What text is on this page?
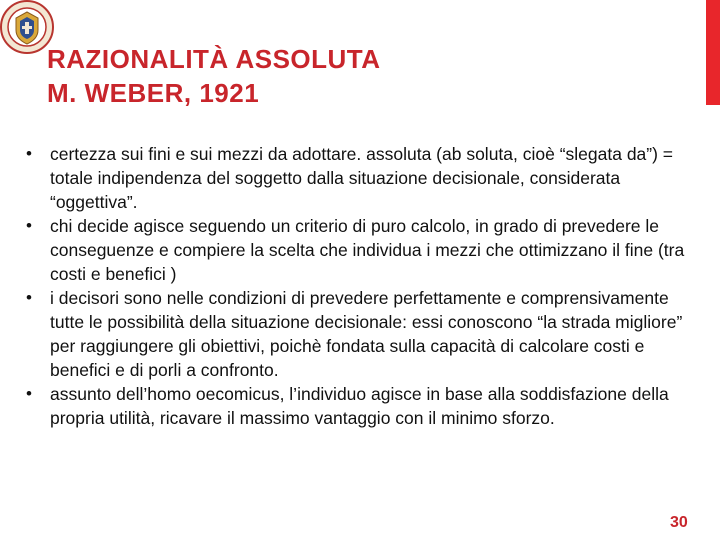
RAZIONALITÀ ASSOLUTA
M. WEBER, 1921
•	certezza sui fini e sui mezzi da adottare. assoluta (ab soluta, cioè “slegata da”) = totale indipendenza del soggetto dalla situazione decisionale, considerata “oggettiva”.
•	chi decide agisce seguendo un criterio di puro calcolo, in grado di prevedere le conseguenze e compiere la scelta che individua i mezzi che ottimizzano il fine (tra costi e benefici )
•	i decisori sono nelle condizioni di prevedere perfettamente e comprensivamente tutte le possibilità della situazione decisionale: essi conoscono “la strada migliore” per raggiungere gli obiettivi, poichè fondata sulla capacità di calcolare costi e benefici e di porli a confronto.
•	assunto dell’homo oecomicus, l’individuo agisce in base alla soddisfazione della propria utilità, ricavare il massimo vantaggio con il minimo sforzo.
30
